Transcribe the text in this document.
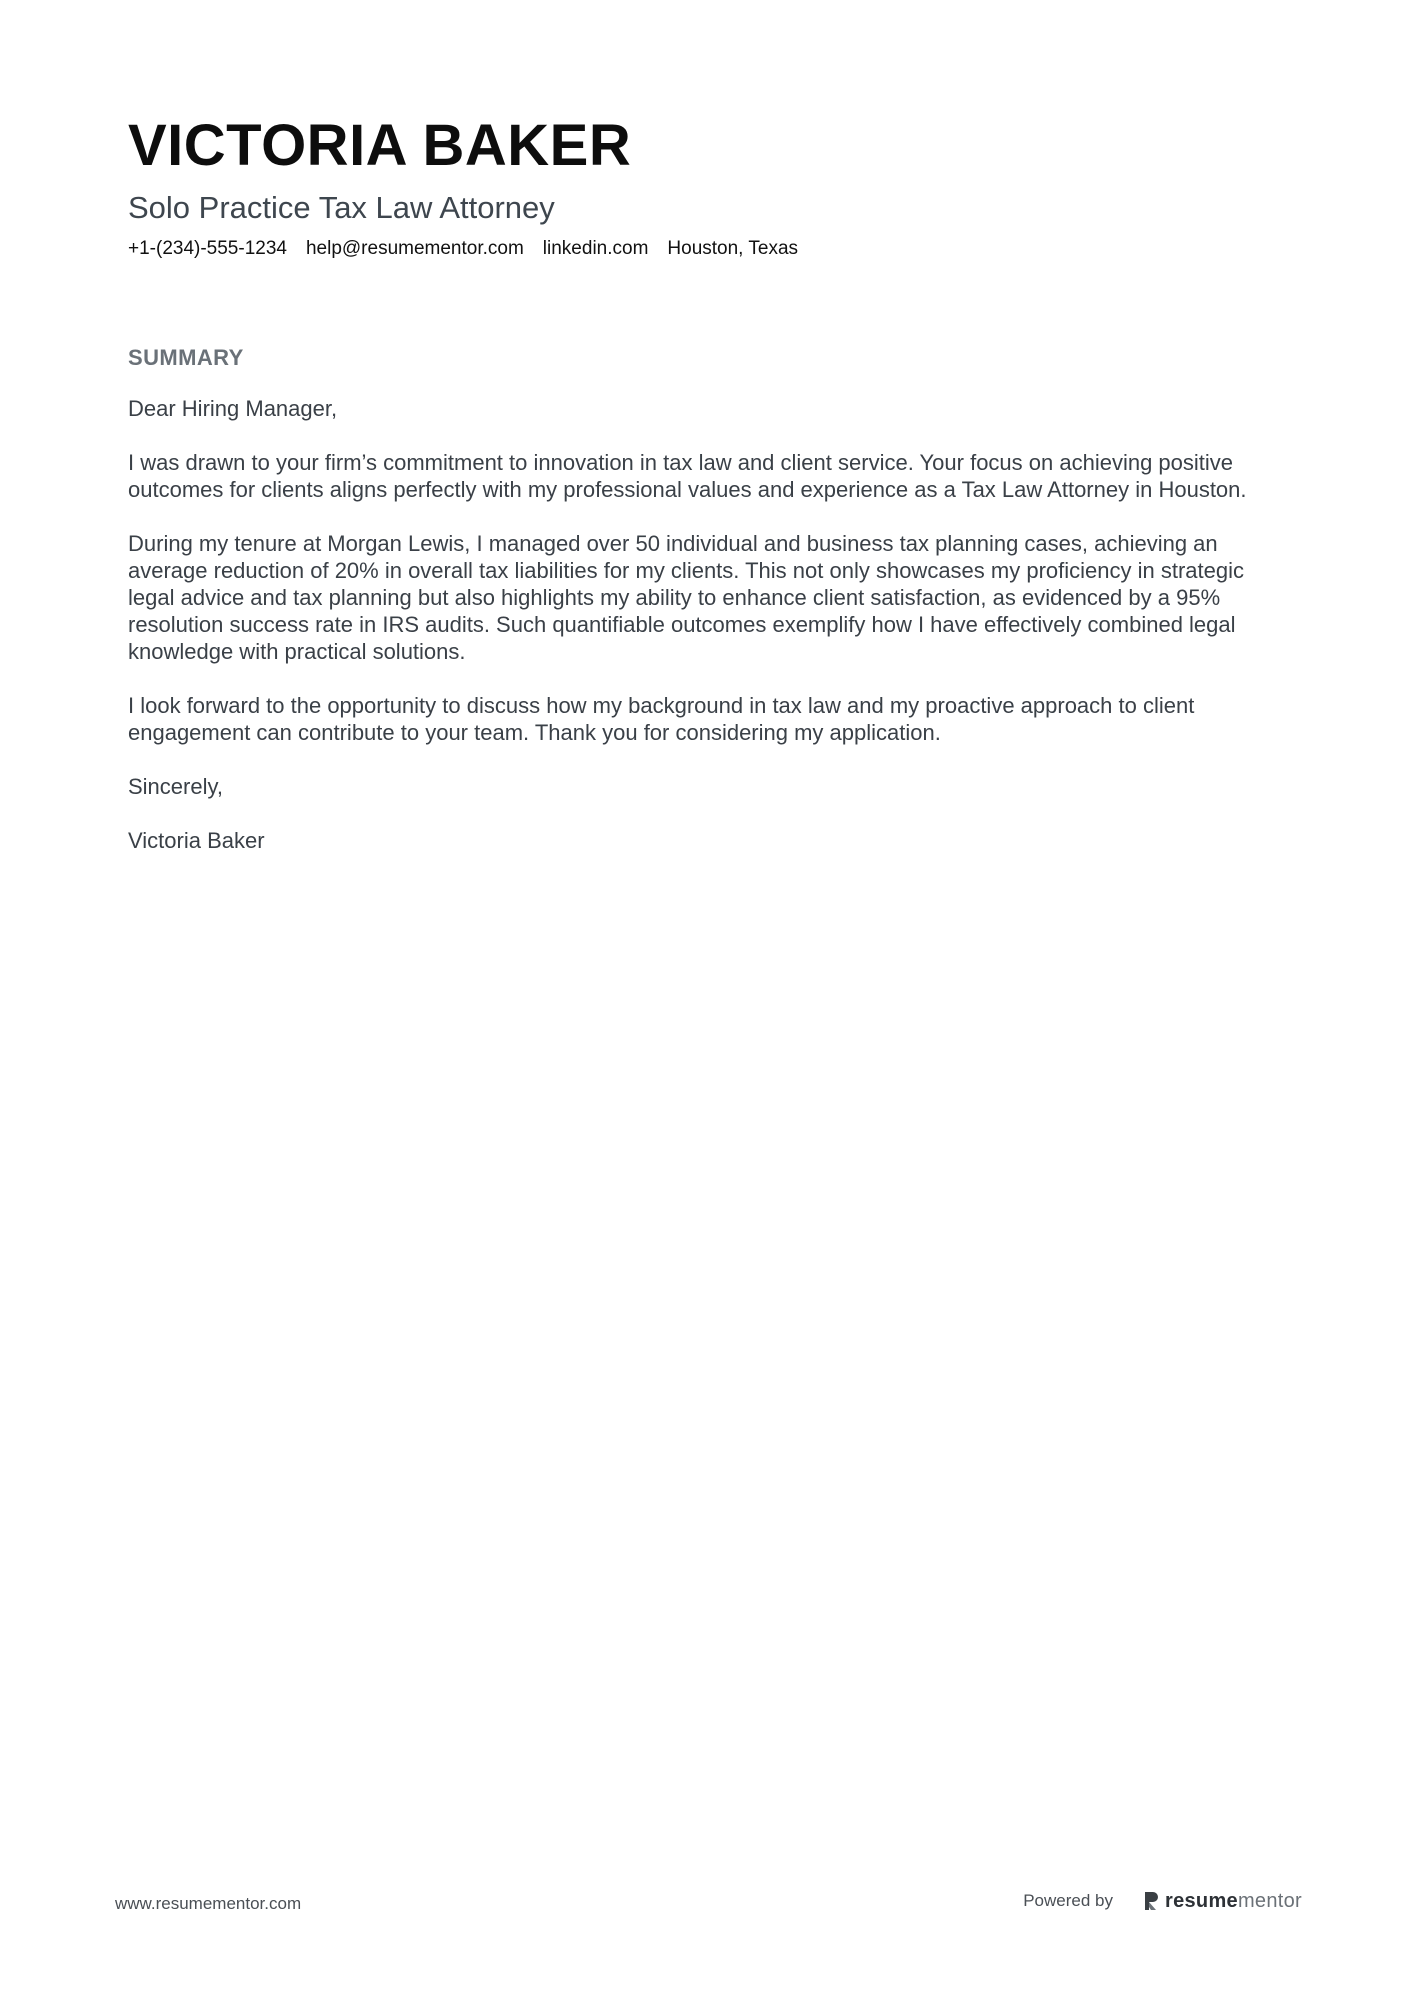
VICTORIA BAKER
Solo Practice Tax Law Attorney
+1-(234)-555-1234 help@resumementor.com linkedin.com Houston, Texas
SUMMARY

Dear Hiring Manager,

I was drawn to your firm’s commitment to innovation in tax law and client service. Your focus on achieving positive outcomes for clients aligns perfectly with my professional values and experience as a Tax Law Attorney in Houston.

During my tenure at Morgan Lewis, I managed over 50 individual and business tax planning cases, achieving an average reduction of 20% in overall tax liabilities for my clients. This not only showcases my proficiency in strategic legal advice and tax planning but also highlights my ability to enhance client satisfaction, as evidenced by a 95% resolution success rate in IRS audits. Such quantifiable outcomes exemplify how I have effectively combined legal knowledge with practical solutions.

I look forward to the opportunity to discuss how my background in tax law and my proactive approach to client engagement can contribute to your team. Thank you for considering my application.

Sincerely,

Victoria Baker

www.resumementor.com	Powered by	resumementor
